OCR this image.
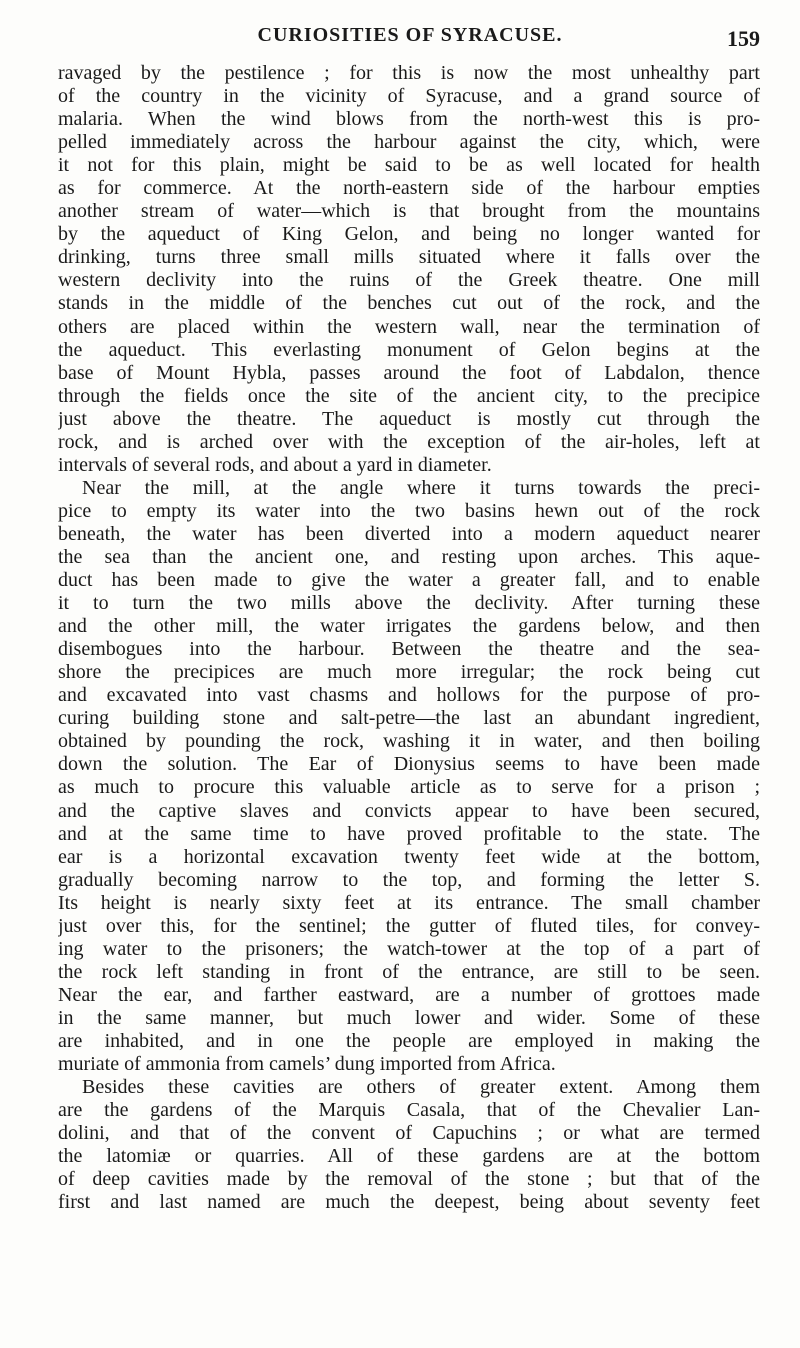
CURIOSITIES OF SYRACUSE.	159
ravaged by the pestilence ; for this is now the most unhealthy part
of the country in the vicinity of Syracuse, and a grand source of
malaria. When the wind blows from the north-west this is pro-
pelled immediately across the harbour against the city, which, were
it not for this plain, might be said to be as well located for health
as for commerce. At the north-eastern side of the harbour empties
another stream of water—which is that brought from the mountains
by the aqueduct of King Gelon, and being no longer wanted for
drinking, turns three small mills situated where it falls over the
western declivity into the ruins of the Greek theatre. One mill
stands in the middle of the benches cut out of the rock, and the
others are placed within the western wall, near the termination of
the aqueduct. This everlasting monument of Gelon begins at the
base of Mount Hybla, passes around the foot of Labdalon, thence
through the fields once the site of the ancient city, to the precipice
just above the theatre. The aqueduct is mostly cut through the
rock, and is arched over with the exception of the air-holes, left at
intervals of several rods, and about a yard in diameter.
Near the mill, at the angle where it turns towards the preci-
pice to empty its water into the two basins hewn out of the rock
beneath, the water has been diverted into a modern aqueduct nearer
the sea than the ancient one, and resting upon arches. This aque-
duct has been made to give the water a greater fall, and to enable
it to turn the two mills above the declivity. After turning these
and the other mill, the water irrigates the gardens below, and then
disembogues into the harbour. Between the theatre and the sea-
shore the precipices are much more irregular; the rock being cut
and excavated into vast chasms and hollows for the purpose of pro-
curing building stone and salt-petre—the last an abundant ingredient,
obtained by pounding the rock, washing it in water, and then boiling
down the solution. The Ear of Dionysius seems to have been made
as much to procure this valuable article as to serve for a prison ;
and the captive slaves and convicts appear to have been secured,
and at the same time to have proved profitable to the state. The
ear is a horizontal excavation twenty feet wide at the bottom,
gradually becoming narrow to the top, and forming the letter S.
Its height is nearly sixty feet at its entrance. The small chamber
just over this, for the sentinel; the gutter of fluted tiles, for convey-
ing water to the prisoners; the watch-tower at the top of a part of
the rock left standing in front of the entrance, are still to be seen.
Near the ear, and farther eastward, are a number of grottoes made
in the same manner, but much lower and wider. Some of these
are inhabited, and in one the people are employed in making the
muriate of ammonia from camels’ dung imported from Africa.
Besides these cavities are others of greater extent. Among them
are the gardens of the Marquis Casala, that of the Chevalier Lan-
dolini, and that of the convent of Capuchins ; or what are termed
the latomiæ or quarries. All of these gardens are at the bottom
of deep cavities made by the removal of the stone ; but that of the
first and last named are much the deepest, being about seventy feet
